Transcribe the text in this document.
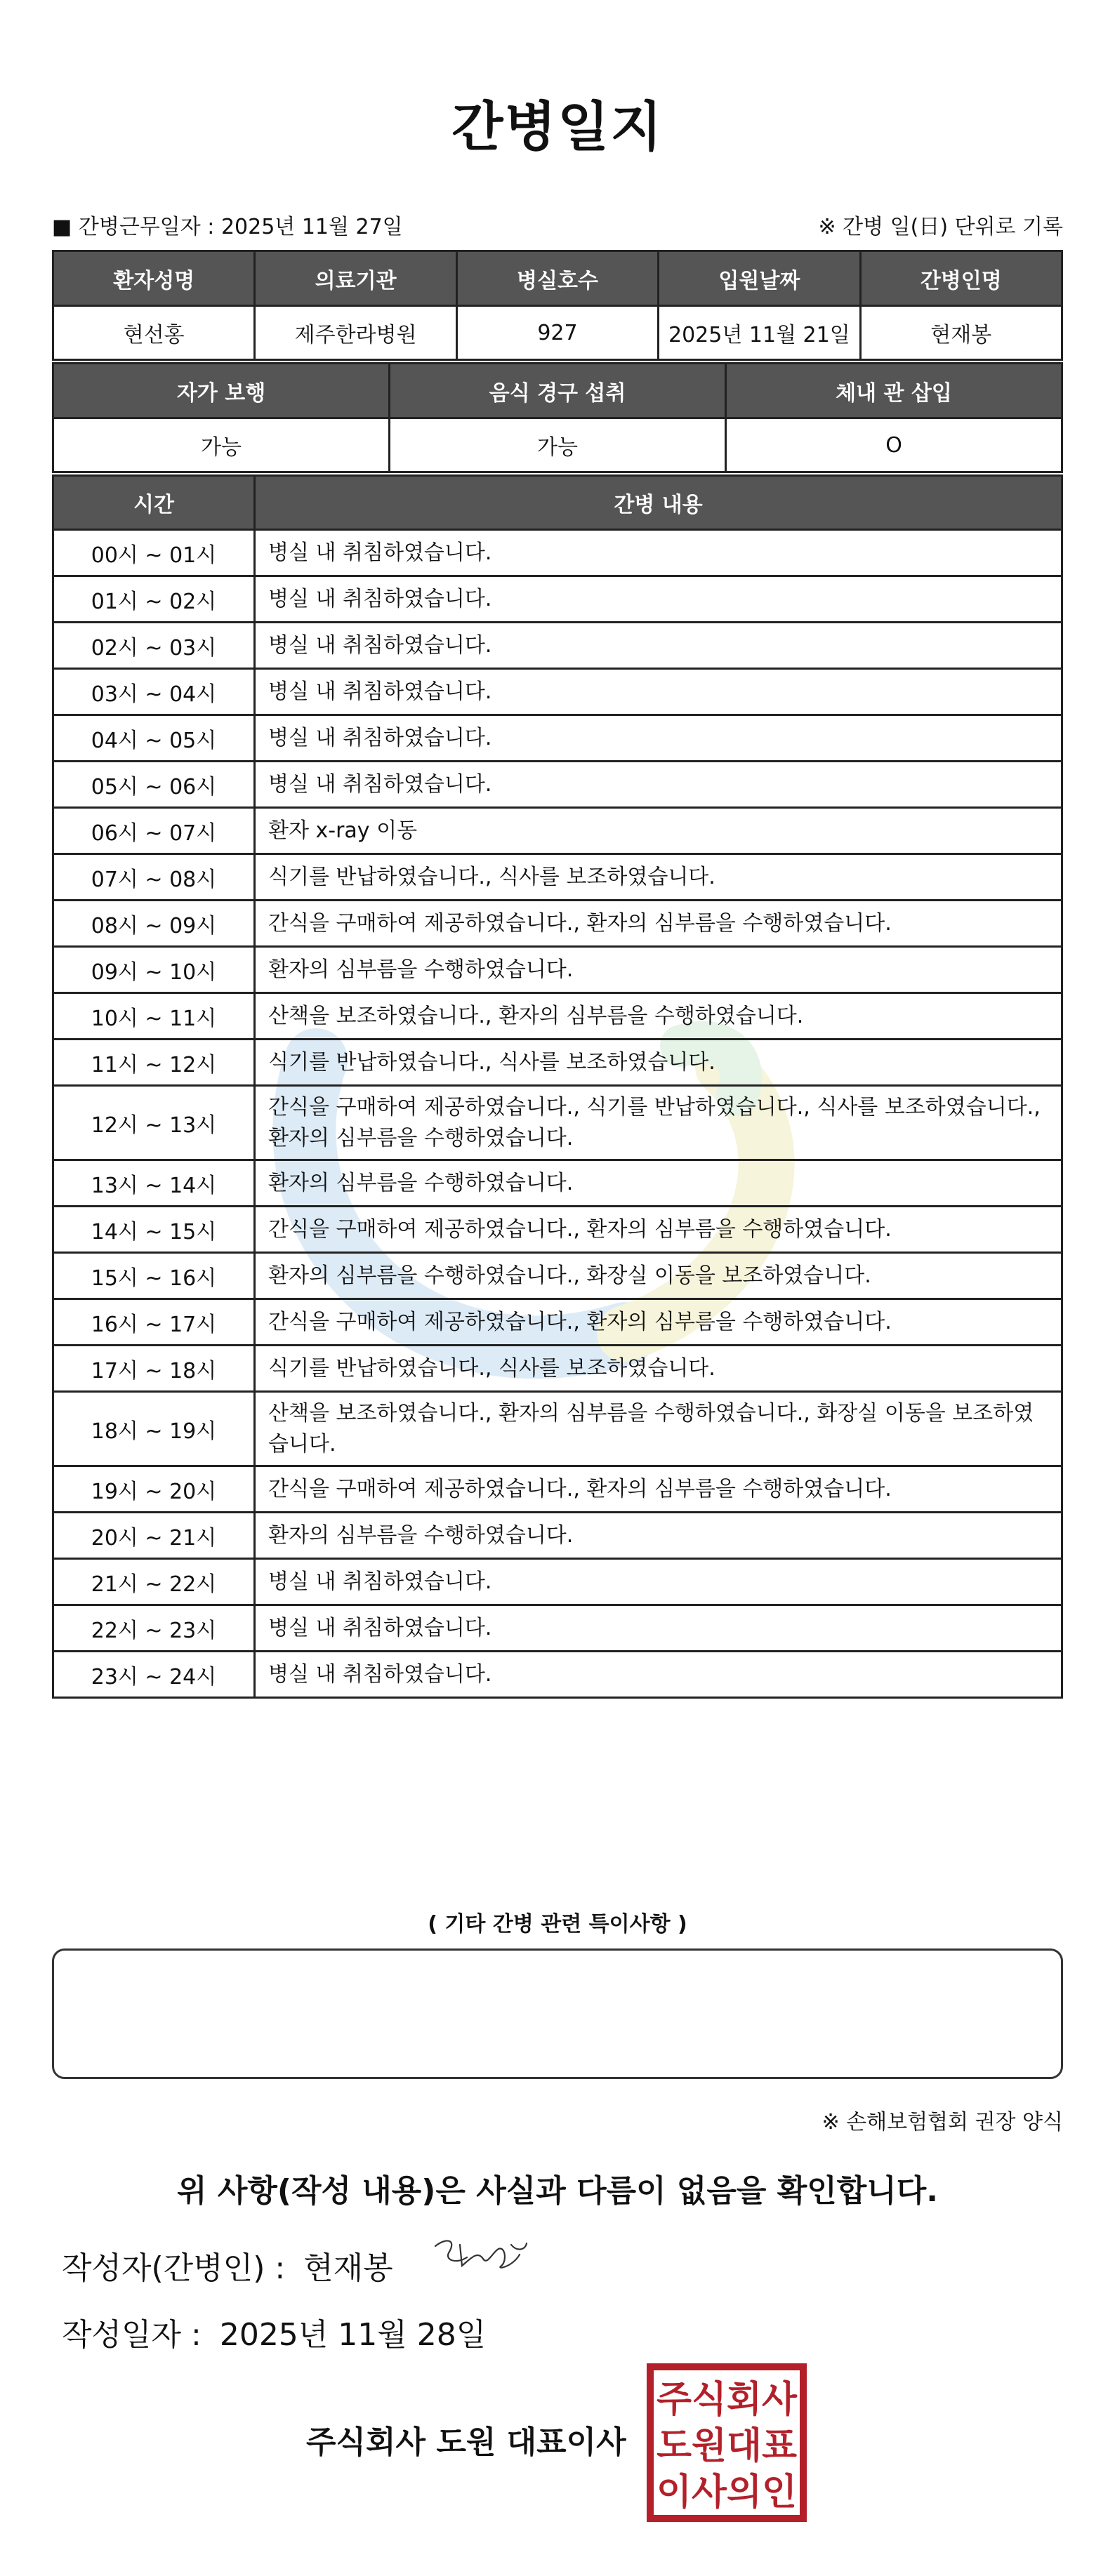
간병일지
■ 간병근무일자 : 2025년 11월 27일	※ 간병 일(日) 단위로 기록
환자성명	의료기관	병실호수	입원날짜	간병인명
현선홍	제주한라병원	927	2025년 11월 21일	현재봉
자가 보행	음식 경구 섭취	체내 관 삽입
가능	가능	O
시간	간병 내용
00시 ~ 01시	병실 내 취침하였습니다.
01시 ~ 02시	병실 내 취침하였습니다.
02시 ~ 03시	병실 내 취침하였습니다.
03시 ~ 04시	병실 내 취침하였습니다.
04시 ~ 05시	병실 내 취침하였습니다.
05시 ~ 06시	병실 내 취침하였습니다.
06시 ~ 07시	환자 x-ray 이동
07시 ~ 08시	식기를 반납하였습니다., 식사를 보조하였습니다.
08시 ~ 09시	간식을 구매하여 제공하였습니다., 환자의 심부름을 수행하였습니다.
09시 ~ 10시	환자의 심부름을 수행하였습니다.
10시 ~ 11시	산책을 보조하였습니다., 환자의 심부름을 수행하였습니다.
11시 ~ 12시	식기를 반납하였습니다., 식사를 보조하였습니다.
12시 ~ 13시	간식을 구매하여 제공하였습니다., 식기를 반납하였습니다., 식사를 보조하였습니다., 환자의 심부름을 수행하였습니다.
13시 ~ 14시	환자의 심부름을 수행하였습니다.
14시 ~ 15시	간식을 구매하여 제공하였습니다., 환자의 심부름을 수행하였습니다.
15시 ~ 16시	환자의 심부름을 수행하였습니다., 화장실 이동을 보조하였습니다.
16시 ~ 17시	간식을 구매하여 제공하였습니다., 환자의 심부름을 수행하였습니다.
17시 ~ 18시	식기를 반납하였습니다., 식사를 보조하였습니다.
18시 ~ 19시	산책을 보조하였습니다., 환자의 심부름을 수행하였습니다., 화장실 이동을 보조하였습니다.
19시 ~ 20시	간식을 구매하여 제공하였습니다., 환자의 심부름을 수행하였습니다.
20시 ~ 21시	환자의 심부름을 수행하였습니다.
21시 ~ 22시	병실 내 취침하였습니다.
22시 ~ 23시	병실 내 취침하였습니다.
23시 ~ 24시	병실 내 취침하였습니다.
( 기타 간병 관련 특이사항 )
※ 손해보험협회 권장 양식
위 사항(작성 내용)은 사실과 다름이 없음을 확인합니다.
작성자(간병인) : 현재봉
작성일자 : 2025년 11월 28일
주식회사 도원 대표이사
주식회사
도원대표
이사의인
